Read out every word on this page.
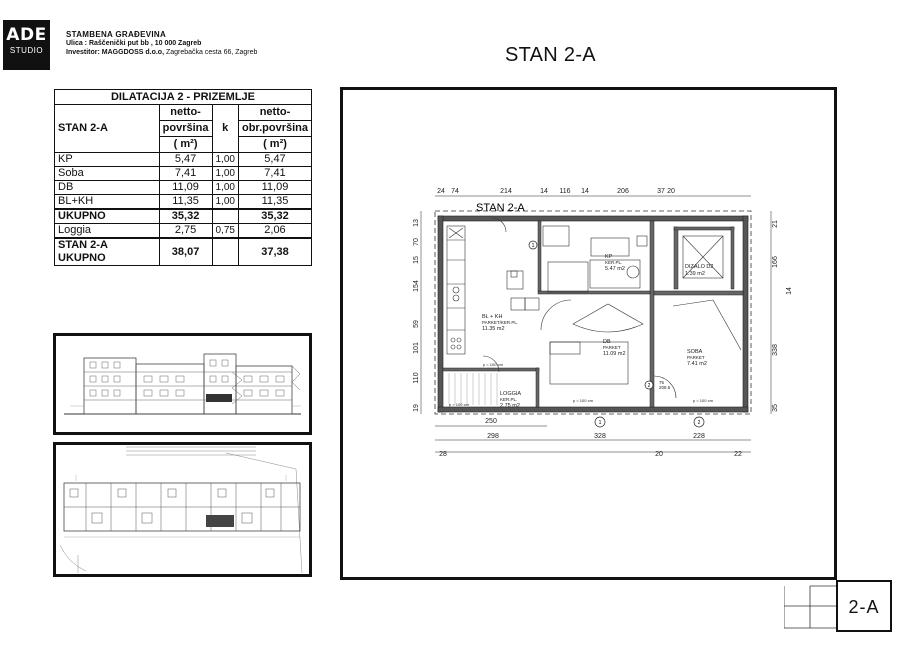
ADE
STUDIO
STAMBENA GRAĐEVINA
Ulica : Raščenički put bb , 10 000 Zagreb
Investitor: MAGGDOSS d.o.o, Zagrebačka cesta 66, Zagreb	STAN 2-A
DILATACIJA 2 - PRIZEMLJE			
STAN 2-A	netto-	k	netto-
	površina		obr.površina
	( m²)		( m²)
KP	5,47	1,00	5,47
Soba	7,41	1,00	7,41
DB	11,09	1,00	11,09
BL+KH	11,35	1,00	11,35
UKUPNO	35,32		35,32
Loggia	2,75	0,75	2,06
STAN 2-A UKUPNO	38,07		37,38	1
2
1	2
STAN 2-A
KP
KER.PL.
5.47 m2	DIZALO D2
1.39 m2
BL + KH
PARKET/KER.PL.
11.35 m2
DB
PARKET
11.09 m2	SOBA
PARKET
7.41 m2
LOGGIA
KER.PL.
2.75 m2
75
208.5
p = 100 cm
p = 100 cm	p = 100 cm
p = 100 cm
24 74	214	14 116 14	206	37 20
250
298	328	228
28	20	22
13
70
15
154
59
101
110
19
21
166
14
338
35
2-A
